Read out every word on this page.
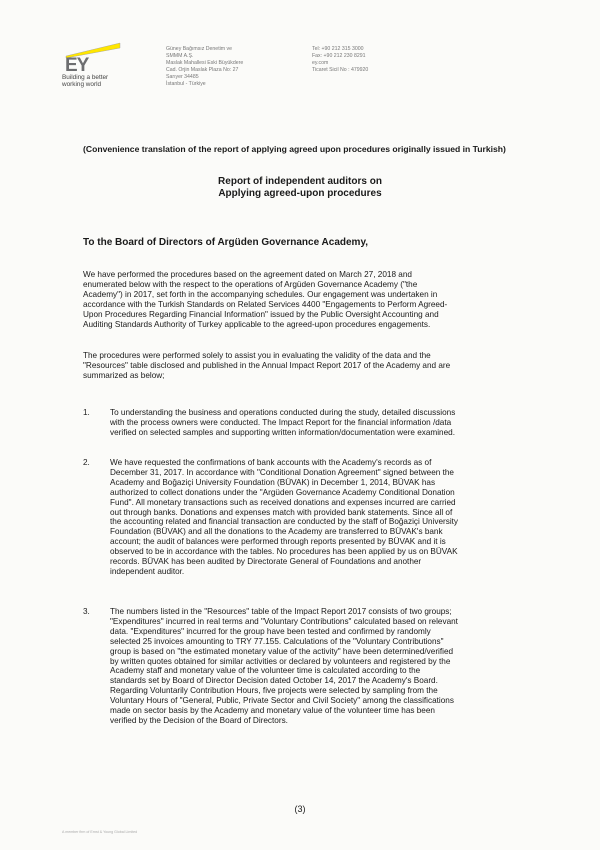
EY
Building a better
working world
Güney Bağımsız Denetim ve
SMMM A.Ş.
Maslak Mahallesi Eski Büyükdere
Cad. Orjin Maslak Plaza No: 27
Sarıyer 34485
İstanbul - Türkiye
Tel: +90 212 315 3000
Fax: +90 212 230 8291
ey.com
Ticaret Sicil No : 479920
(Convenience translation of the report of applying agreed upon procedures originally issued in Turkish)
Report of independent auditors on
Applying agreed-upon procedures
To the Board of Directors of Argüden Governance Academy,
We have performed the procedures based on the agreement dated on March 27, 2018 and
enumerated below with the respect to the operations of Argüden Governance Academy ("the
Academy") in 2017, set forth in the accompanying schedules. Our engagement was undertaken in
accordance with the Turkish Standards on Related Services 4400 "Engagements to Perform Agreed-
Upon Procedures Regarding Financial Information" issued by the Public Oversight Accounting and
Auditing Standards Authority of Turkey applicable to the agreed-upon procedures engagements.
The procedures were performed solely to assist you in evaluating the validity of the data and the
"Resources" table disclosed and published in the Annual Impact Report 2017 of the Academy and are
summarized as below;
1. To understanding the business and operations conducted during the study, detailed discussions
with the process owners were conducted. The Impact Report for the financial information /data
verified on selected samples and supporting written information/documentation were examined.
2. We have requested the confirmations of bank accounts with the Academy's records as of
December 31, 2017. In accordance with "Conditional Donation Agreement" signed between the
Academy and Boğaziçi University Foundation (BÜVAK) in December 1, 2014, BÜVAK has
authorized to collect donations under the "Argüden Governance Academy Conditional Donation
Fund". All monetary transactions such as received donations and expenses incurred are carried
out through banks. Donations and expenses match with provided bank statements. Since all of
the accounting related and financial transaction are conducted by the staff of Boğaziçi University
Foundation (BÜVAK) and all the donations to the Academy are transferred to BÜVAK's bank
account; the audit of balances were performed through reports presented by BÜVAK and it is
observed to be in accordance with the tables. No procedures has been applied by us on BÜVAK
records. BÜVAK has been audited by Directorate General of Foundations and another
independent auditor.
3. The numbers listed in the "Resources" table of the Impact Report 2017 consists of two groups;
"Expenditures" incurred in real terms and "Voluntary Contributions" calculated based on relevant
data. "Expenditures" incurred for the group have been tested and confirmed by randomly
selected 25 invoices amounting to TRY 77.155. Calculations of the "Voluntary Contributions"
group is based on "the estimated monetary value of the activity" have been determined/verified
by written quotes obtained for similar activities or declared by volunteers and registered by the
Academy staff and monetary value of the volunteer time is calculated according to the
standards set by Board of Director Decision dated October 14, 2017 the Academy's Board.
Regarding Voluntarily Contribution Hours, five projects were selected by sampling from the
Voluntary Hours of "General, Public, Private Sector and Civil Society" among the classifications
made on sector basis by the Academy and monetary value of the volunteer time has been
verified by the Decision of the Board of Directors.
(3)
A member firm of Ernst & Young Global Limited
